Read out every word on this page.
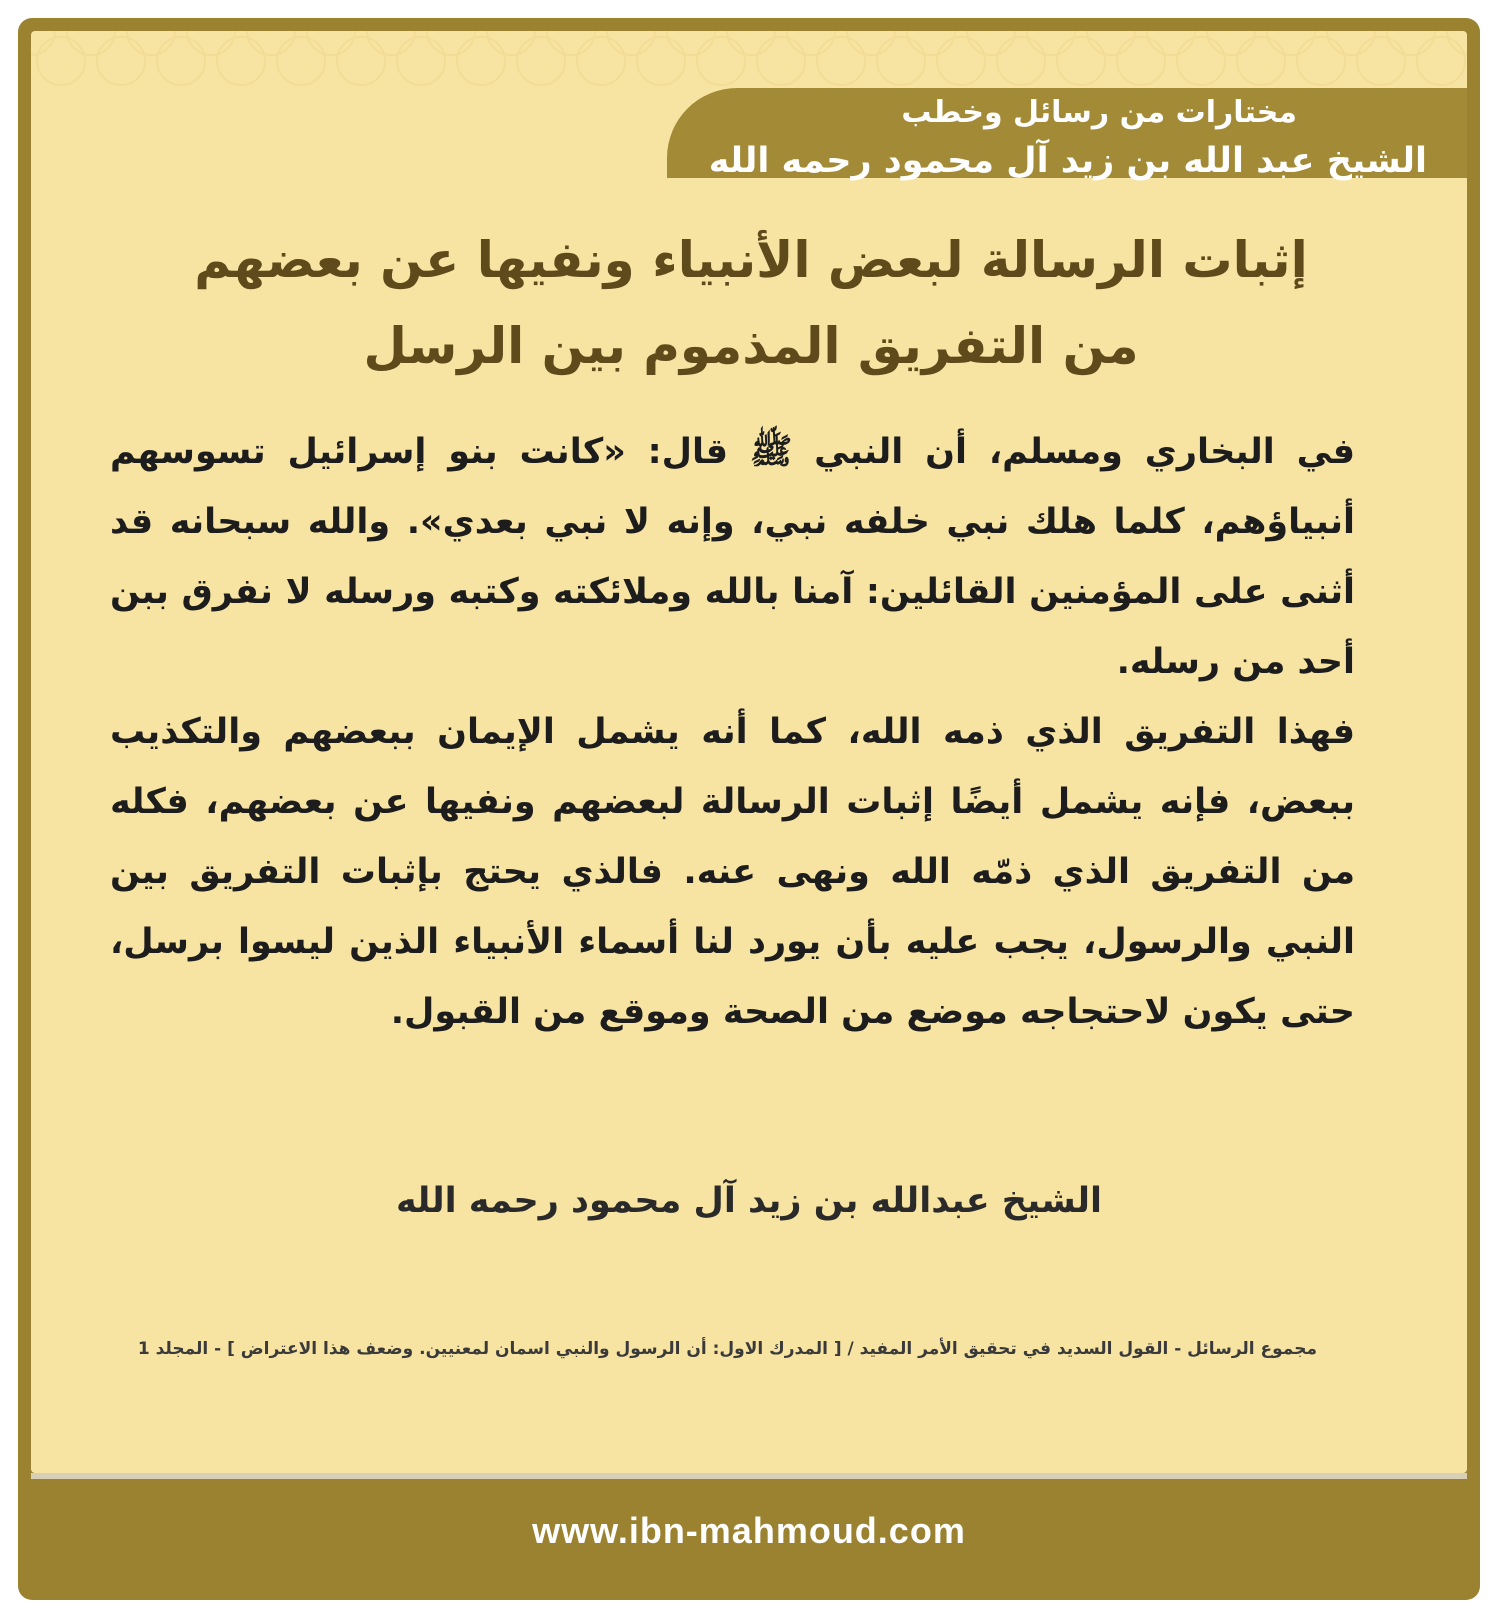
مختارات من رسائل وخطب
الشيخ عبد الله بن زيد آل محمود رحمه الله
إثبات الرسالة لبعض الأنبياء ونفيها عن بعضهم
من التفريق المذموم بين الرسل

في البخاري ومسلم، أن النبي ﷺ قال: «كانت بنو إسرائيل تسوسهم أنبياؤهم، كلما هلك نبي خلفه نبي، وإنه لا نبي بعدي». والله سبحانه قد أثنى على المؤمنين القائلين: آمنا بالله وملائكته وكتبه ورسله لا نفرق ببن أحد من رسله.

فهذا التفريق الذي ذمه الله، كما أنه يشمل الإيمان ببعضهم والتكذيب ببعض، فإنه يشمل أيضًا إثبات الرسالة لبعضهم ونفيها عن بعضهم، فكله من التفريق الذي ذمّه الله ونهى عنه. فالذي يحتج بإثبات التفريق بين النبي والرسول، يجب عليه بأن يورد لنا أسماء الأنبياء الذين ليسوا برسل، حتى يكون لاحتجاجه موضع من الصحة وموقع من القبول.

الشيخ عبدالله بن زيد آل محمود رحمه الله
مجموع الرسائل - القول السديد في تحقيق الأمر المفيد / [ المدرك الاول: أن الرسول والنبي اسمان لمعنيين. وضعف هذا الاعتراض ] - المجلد 1
www.ibn-mahmoud.com
